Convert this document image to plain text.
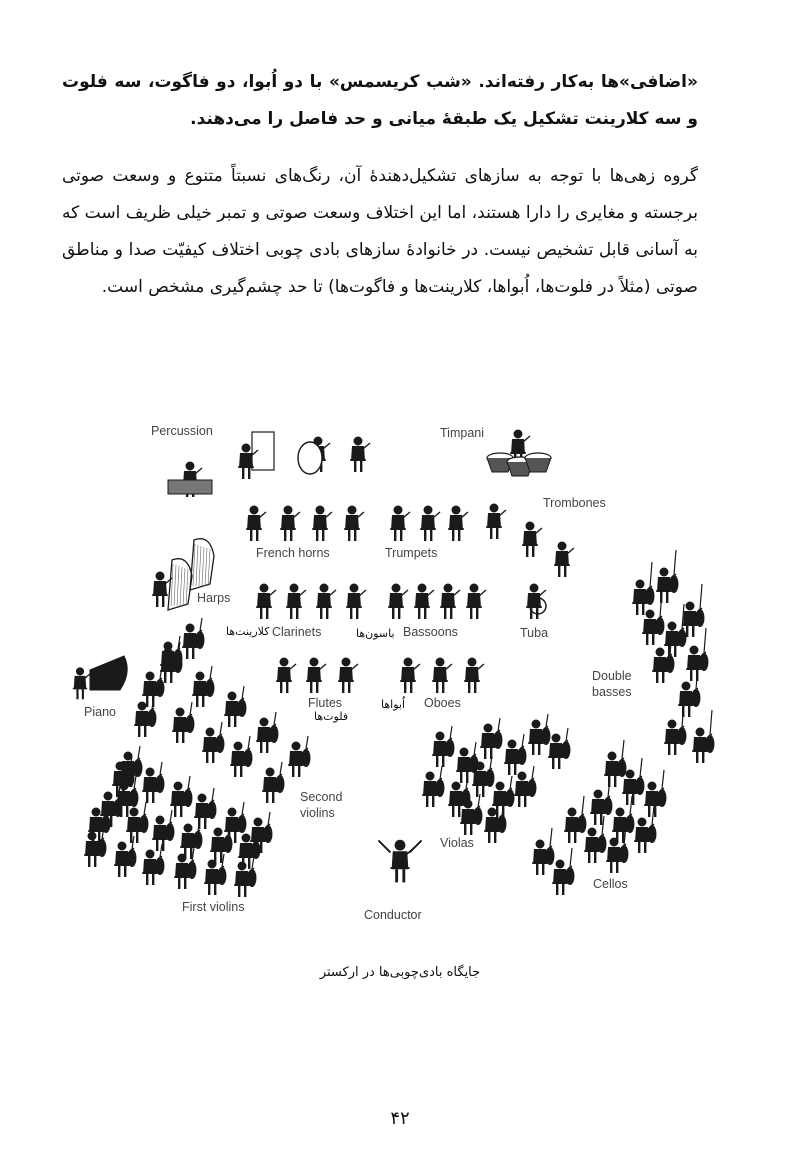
«اضافی»ها به‌کار رفته‌اند. «شب کریسمس» با دو اُبوا، دو فاگوت، سه فلوت و سه کلارینت تشکیل یک طبقهٔ میانی و حد فاصل را می‌دهند.

گروه زهی‌ها با توجه به سازهای تشکیل‌دهندهٔ آن، رنگ‌های نسبتاً متنوع و وسعت صوتی برجسته و مغایری را دارا هستند، اما این اختلاف وسعت صوتی و تمبر خیلی ظریف است که به آسانی قابل تشخیص نیست. در خانوادهٔ سازهای بادی چوبی اختلاف کیفیّت صدا و مناطق صوتی (مثلاً در فلوت‌ها، اُبواها، کلارینت‌ها و فاگوت‌ها) تا حد چشم‌گیری مشخص است.

Percussion	Timpani
Trombones
French horns	Trumpets
Harps
Clarinets	Bassoons	Tuba
Double
basses
Piano
Flutes	Oboes
Second
violins
Violas
Cellos
First violins
Conductor
کلارینت‌ها	باسون‌ها
فلوت‌ها
اُبواها
جایگاه بادی‌چوبی‌ها در ارکستر
۴۲
